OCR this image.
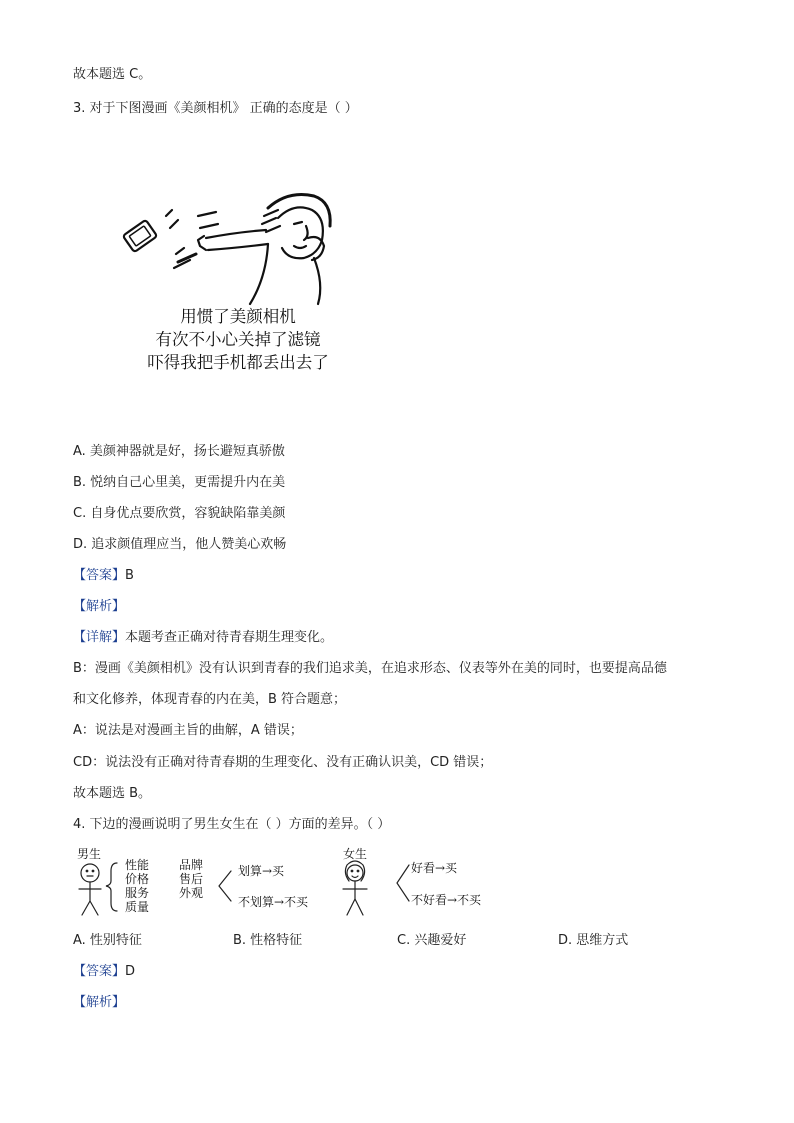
故本题选 C。
3. 对于下图漫画《美颜相机》 正确的态度是（ ）
用惯了美颜相机
有次不小心关掉了滤镜
吓得我把手机都丢出去了
A. 美颜神器就是好，扬长避短真骄傲
B. 悦纳自己心里美，更需提升内在美
C. 自身优点要欣赏，容貌缺陷靠美颜
D. 追求颜值理应当，他人赞美心欢畅
【答案】B
【解析】
【详解】本题考查正确对待青春期生理变化。
B：漫画《美颜相机》没有认识到青春的我们追求美，在追求形态、仪表等外在美的同时，也要提高品德
和文化修养，体现青春的内在美，B 符合题意；
A：说法是对漫画主旨的曲解，A 错误；
CD：说法没有正确对待青春期的生理变化、没有正确认识美，CD 错误；
故本题选 B。
4. 下边的漫画说明了男生女生在（ ）方面的差异。（ ）
男生
性能
价格
服务
质量
品牌
售后
外观
划算→买
不划算→不买
女生
好看→买
不好看→不买
A. 性别特征	B. 性格特征	C. 兴趣爱好	D. 思维方式
【答案】D
【解析】
